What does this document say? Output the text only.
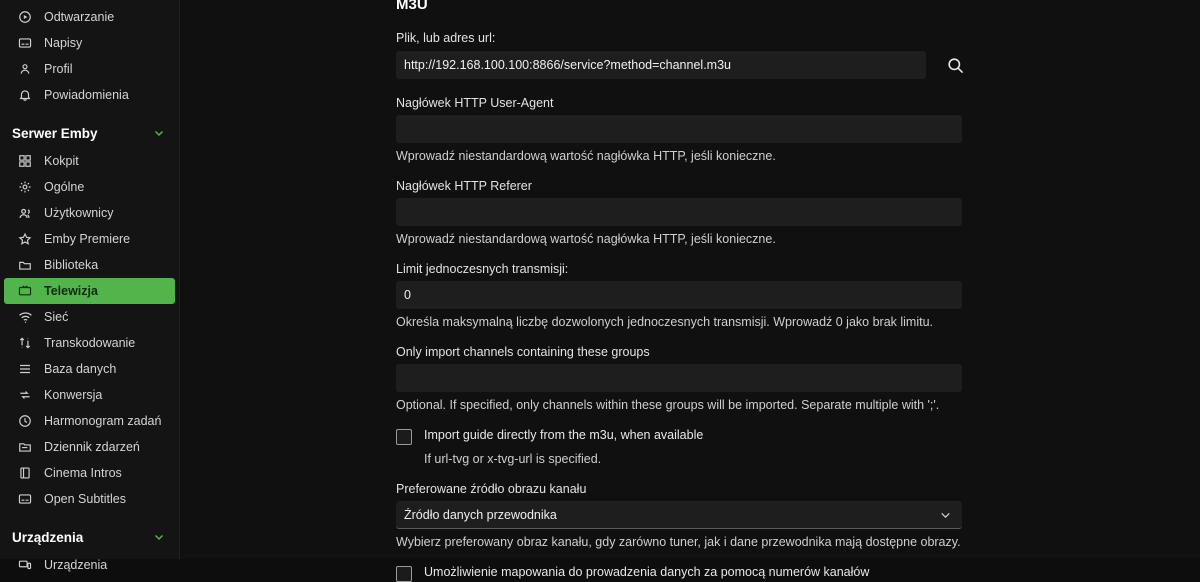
Odtwarzanie
Napisy
Profil
Powiadomienia
Serwer Emby
Kokpit
Ogólne
Użytkownicy
Emby Premiere
Biblioteka
Telewizja
Sieć
Transkodowanie
Baza danych
Konwersja
Harmonogram zadań
Dziennik zdarzeń
Cinema Intros
Open Subtitles
Urządzenia
Urządzenia
M3U
Plik, lub adres url:
http://192.168.100.100:8866/service?method=channel.m3u
Nagłówek HTTP User-Agent
Wprowadź niestandardową wartość nagłówka HTTP, jeśli konieczne.
Nagłówek HTTP Referer
Wprowadź niestandardową wartość nagłówka HTTP, jeśli konieczne.
Limit jednoczesnych transmisji:
0
Określa maksymalną liczbę dozwolonych jednoczesnych transmisji. Wprowadź 0 jako brak limitu.
Only import channels containing these groups
Optional. If specified, only channels within these groups will be imported. Separate multiple with ';'.
Import guide directly from the m3u, when available
If url-tvg or x-tvg-url is specified.
Preferowane źródło obrazu kanału
Źródło danych przewodnika
Wybierz preferowany obraz kanału, gdy zarówno tuner, jak i dane przewodnika mają dostępne obrazy.
Umożliwienie mapowania do prowadzenia danych za pomocą numerów kanałów
